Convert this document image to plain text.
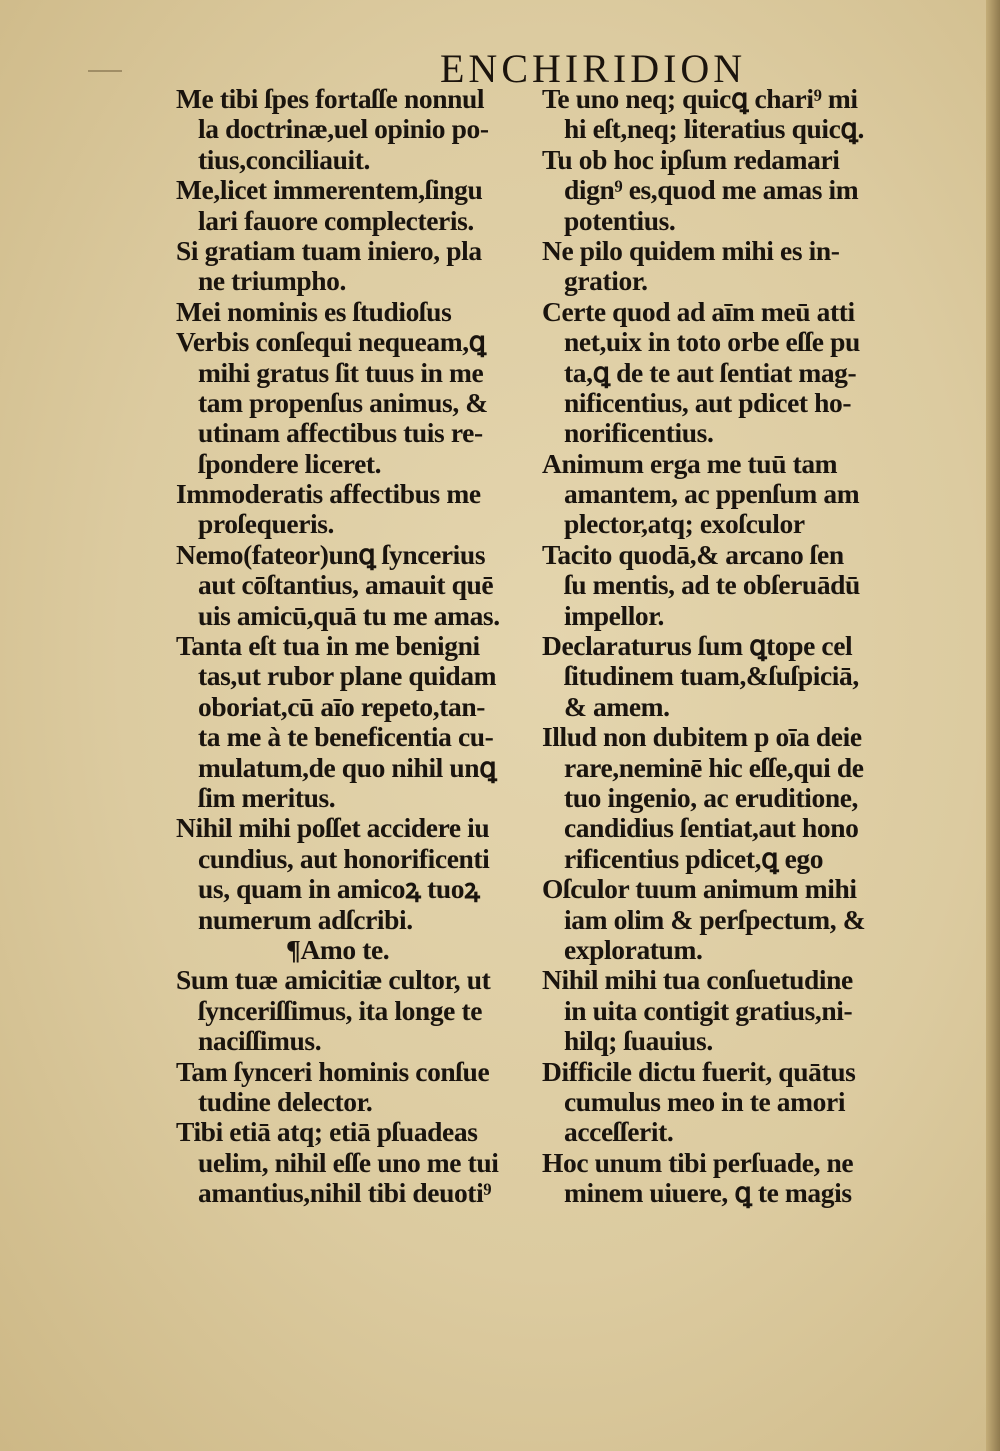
ENCHIRIDION
Me tibi ſpes fortaſſe nonnul
la doctrinæ,uel opinio po-
tius,conciliauit.
Me,licet immerentem,ſingu
lari fauore complecteris.
Si gratiam tuam iniero, pla
ne triumpho.
Mei nominis es ſtudioſus
Verbis conſequi nequeam,ꝗ
mihi gratus ſit tuus in me
tam propenſus animus, &
utinam affectibus tuis re-
ſpondere liceret.
Immoderatis affectibus me
proſequeris.
Nemo(fateor)unꝗ ſyncerius
aut cōſtantius, amauit quē
uis amicū,quā tu me amas.
Tanta eſt tua in me benigni
tas,ut rubor plane quidam
oboriat,cū aīo repeto,tan-
ta me à te beneficentia cu-
mulatum,de quo nihil unꝗ
ſim meritus.
Nihil mihi poſſet accidere iu
cundius, aut honorificenti
us, quam in amicoꝝ tuoꝝ
numerum adſcribi.
¶Amo te.
Sum tuæ amicitiæ cultor, ut
ſynceriſſimus, ita longe te
naciſſimus.
Tam ſynceri hominis conſue
tudine delector.
Tibi etiā atq; etiā pſuadeas
uelim, nihil eſſe uno me tui
amantius,nihil tibi deuoti⁹
Te uno neq; quicꝗ chari⁹ mi
hi eſt,neq; literatius quicꝗ.
Tu ob hoc ipſum redamari
dign⁹ es,quod me amas im
potentius.
Ne pilo quidem mihi es in-
gratior.
Certe quod ad aīm meū atti
net,uix in toto orbe eſſe pu
ta,ꝗ de te aut ſentiat mag-
nificentius, aut pdicet ho-
norificentius.
Animum erga me tuū tam
amantem, ac ppenſum am
plector,atq; exoſculor
Tacito quodā,& arcano ſen
ſu mentis, ad te obſeruādū
impellor.
Declaraturus ſum ꝗtope cel
ſitudinem tuam,&ſuſpiciā,
& amem.
Illud non dubitem p oīa deie
rare,neminē hic eſſe,qui de
tuo ingenio, ac eruditione,
candidius ſentiat,aut hono
rificentius pdicet,ꝗ ego
Oſculor tuum animum mihi
iam olim & perſpectum, &
exploratum.
Nihil mihi tua conſuetudine
in uita contigit gratius,ni-
hilq; ſuauius.
Difficile dictu fuerit, quātus
cumulus meo in te amori
acceſſerit.
Hoc unum tibi perſuade, ne
minem uiuere, ꝗ te magis
